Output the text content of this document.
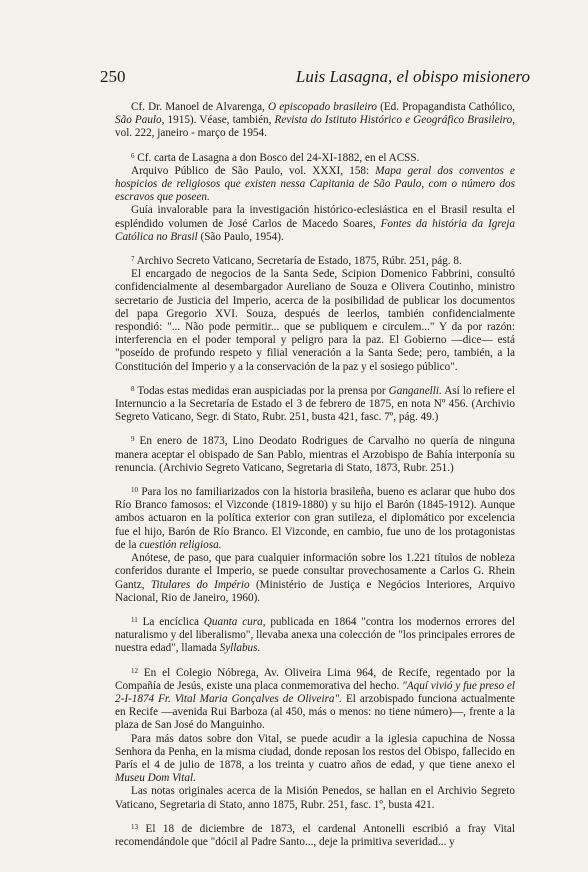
250	Luis Lasagna, el obispo misionero

Cf. Dr. Manoel de Alvarenga, O episcopado brasileiro (Ed. Propagandista Cathólico, São Paulo, 1915). Véase, también, Revista do Istituto Histórico e Geográfico Brasileiro, vol. 222, janeiro - março de 1954.

$^6$ Cf. carta de Lasagna a don Bosco del 24-XI-1882, en el ACSS.

Arquivo Público de São Paulo, vol. XXXI, 158: Mapa geral dos conventos e hospicios de religiosos que existen nessa Capitania de São Paulo, com o número dos escravos que poseen.

Guía invalorable para la investigación histórico-eclesiástica en el Brasil resulta el espléndido volumen de José Carlos de Macedo Soares, Fontes da história da Igreja Católica no Brasil (São Paulo, 1954).

$^7$ Archivo Secreto Vaticano, Secretaría de Estado, 1875, Rúbr. 251, pág. 8.

El encargado de negocios de la Santa Sede, Scipion Domenico Fabbrini, consultó confidencialmente al desembargador Aureliano de Souza e Olivera Coutinho, ministro secretario de Justicia del Imperio, acerca de la posibilidad de publicar los documentos del papa Gregorio XVI. Souza, después de leerlos, también confidencialmente respondió: "... Não pode permitir... que se publiquem e circulem..." Y da por razón: interferencia en el poder temporal y peligro para la paz. El Gobierno —dice— está "poseído de profundo respeto y filial veneración a la Santa Sede; pero, también, a la Constitución del Imperio y a la conservación de la paz y el sosiego público".

$^8$ Todas estas medidas eran auspiciadas por la prensa por Ganganelli. Así lo refiere el Internuncio a la Secretaría de Estado el 3 de febrero de 1875, en nota Nº 456. (Archivio Segreto Vaticano, Segr. di Stato, Rubr. 251, busta 421, fasc. 7º, pág. 49.)

$^9$ En enero de 1873, Lino Deodato Rodrigues de Carvalho no quería de ninguna manera aceptar el obispado de San Pablo, mientras el Arzobispo de Bahía interponía su renuncia. (Archivio Segreto Vaticano, Segretaria di Stato, 1873, Rubr. 251.)

$^{10}$ Para los no familiarizados con la historia brasileña, bueno es aclarar que hubo dos Río Branco famosos: el Vizconde (1819-1880) y su hijo el Barón (1845-1912). Aunque ambos actuaron en la política exterior con gran sutileza, el diplomático por excelencia fue el hijo, Barón de Río Branco. El Vizconde, en cambio, fue uno de los protagonistas de la cuestión religiosa.

Anótese, de paso, que para cualquier información sobre los 1.221 títulos de nobleza conferidos durante el Imperio, se puede consultar provechosamente a Carlos G. Rhein Gantz, Titulares do Império (Ministério de Justiça e Negócios Interiores, Arquivo Nacional, Rio de Janeiro, 1960).

$^{11}$ La encíclica Quanta cura, publicada en 1864 "contra los modernos errores del naturalismo y del liberalismo", llevaba anexa una colección de "los principales errores de nuestra edad", llamada Syllabus.

$^{12}$ En el Colegio Nóbrega, Av. Oliveira Lima 964, de Recife, regentado por la Compañía de Jesús, existe una placa conmemorativa del hecho. "Aquí vivió y fue preso el 2-I-1874 Fr. Vital Maria Gonçalves de Oliveira". El arzobispado funciona actualmente en Recife —avenida Rui Barboza (al 450, más o menos: no tiene número)—, frente a la plaza de San José do Manguinho.

Para más datos sobre don Vital, se puede acudir a la iglesia capuchina de Nossa Senhora da Penha, en la misma ciudad, donde reposan los restos del Obispo, fallecido en París el 4 de julio de 1878, a los treinta y cuatro años de edad, y que tiene anexo el Museu Dom Vital.

Las notas originales acerca de la Misión Penedos, se hallan en el Archivio Segreto Vaticano, Segretaria di Stato, anno 1875, Rubr. 251, fasc. 1º, busta 421.

$^{13}$ El 18 de diciembre de 1873, el cardenal Antonelli escribió a fray Vital recomendándole que "dócil al Padre Santo..., deje la primitiva severidad... y
